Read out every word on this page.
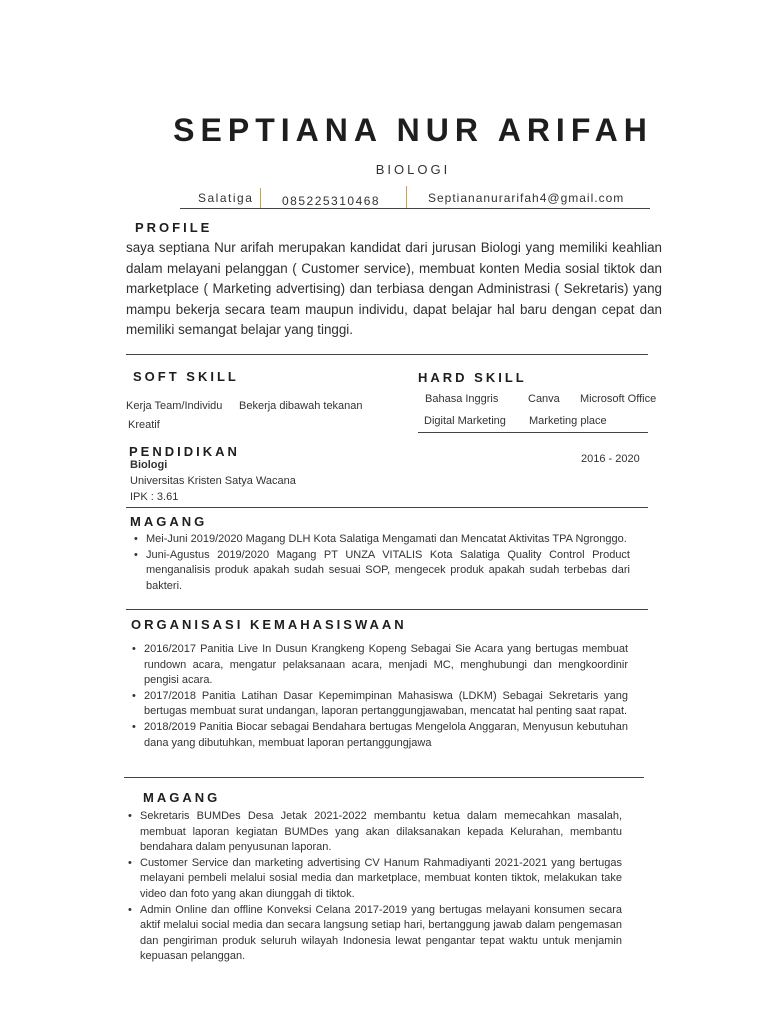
SEPTIANA NUR ARIFAH
BIOLOGI
Salatiga 085225310468	Septiananurarifah4@gmail.com
PROFILE
saya septiana Nur arifah merupakan kandidat dari jurusan Biologi yang memiliki keahlian dalam melayani pelanggan ( Customer service), membuat konten Media sosial tiktok dan marketplace ( Marketing advertising) dan terbiasa dengan Administrasi ( Sekretaris) yang mampu bekerja secara team maupun individu, dapat belajar hal baru dengan cepat dan memiliki semangat belajar yang tinggi.
SOFT SKILL
Kerja Team/Individu Bekerja dibawah tekanan
Kreatif
HARD SKILL
Bahasa Inggris	Canva Microsoft Office
Digital Marketing Marketing place
PENDIDIKAN
Biologi
Universitas Kristen Satya Wacana
IPK : 3.61
2016 - 2020
MAGANG
• Mei-Juni 2019/2020 Magang DLH Kota Salatiga Mengamati dan Mencatat Aktivitas TPA Ngronggo.
• Juni-Agustus 2019/2020 Magang PT UNZA VITALIS Kota Salatiga Quality Control Product menganalisis produk apakah sudah sesuai SOP, mengecek produk apakah sudah terbebas dari bakteri.
ORGANISASI KEMAHASISWAAN
• 2016/2017 Panitia Live In Dusun Krangkeng Kopeng Sebagai Sie Acara yang bertugas membuat rundown acara, mengatur pelaksanaan acara, menjadi MC, menghubungi dan mengkoordinir pengisi acara.
• 2017/2018 Panitia Latihan Dasar Kepemimpinan Mahasiswa (LDKM) Sebagai Sekretaris yang bertugas membuat surat undangan, laporan pertanggungjawaban, mencatat hal penting saat rapat.
• 2018/2019 Panitia Biocar sebagai Bendahara bertugas Mengelola Anggaran, Menyusun kebutuhan dana yang dibutuhkan, membuat laporan pertanggungjawa
MAGANG
• Sekretaris BUMDes Desa Jetak 2021-2022 membantu ketua dalam memecahkan masalah, membuat laporan kegiatan BUMDes yang akan dilaksanakan kepada Kelurahan, membantu bendahara dalam penyusunan laporan.
• Customer Service dan marketing advertising CV Hanum Rahmadiyanti 2021-2021 yang bertugas melayani pembeli melalui sosial media dan marketplace, membuat konten tiktok, melakukan take video dan foto yang akan diunggah di tiktok.
• Admin Online dan offline Konveksi Celana 2017-2019 yang bertugas melayani konsumen secara aktif melalui social media dan secara langsung setiap hari, bertanggung jawab dalam pengemasan dan pengiriman produk seluruh wilayah Indonesia lewat pengantar tepat waktu untuk menjamin kepuasan pelanggan.
